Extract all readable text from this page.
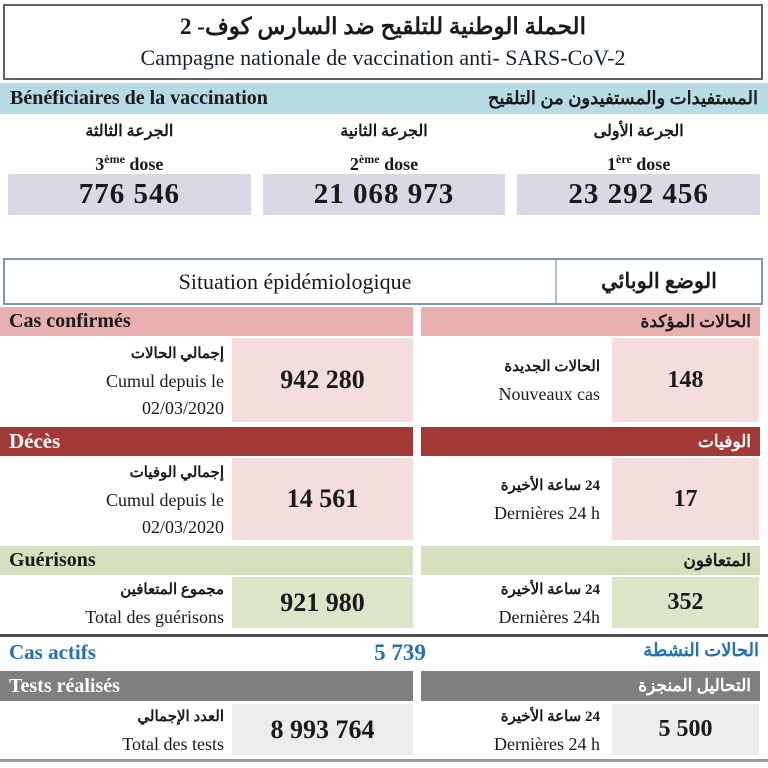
الحملة الوطنية للتلقيح ضد السارس كوف- 2
Campagne nationale de vaccination anti- SARS-CoV-2
Bénéficiaires de la vaccination	المستفيدات والمستفيدون من التلقيح
الجرعة الثالثة
3ème dose
776 546
الجرعة الثانية
2ème dose
21 068 973
الجرعة الأولى
1ère dose
23 292 456
Situation épidémiologique	الوضع الوبائي
Cas confirmés	الحالات المؤكدة
إجمالي الحالات
Cumul depuis le
02/03/2020
942 280	الحالات الجديدة
Nouveaux cas
148
Décès	الوفيات
إجمالي الوفيات
Cumul depuis le
02/03/2020
14 561	24 ساعة الأخيرة
Dernières 24 h
17
Guérisons	المتعافون
مجموع المتعافين
Total des guérisons	921 980	24 ساعة الأخيرة
Dernières 24h
352
Cas actifs	5 739	الحالات النشطة
Tests réalisés	التحاليل المنجزة
العدد الإجمالي
Total des tests	8 993 764	24 ساعة الأخيرة
Dernières 24 h
5 500
